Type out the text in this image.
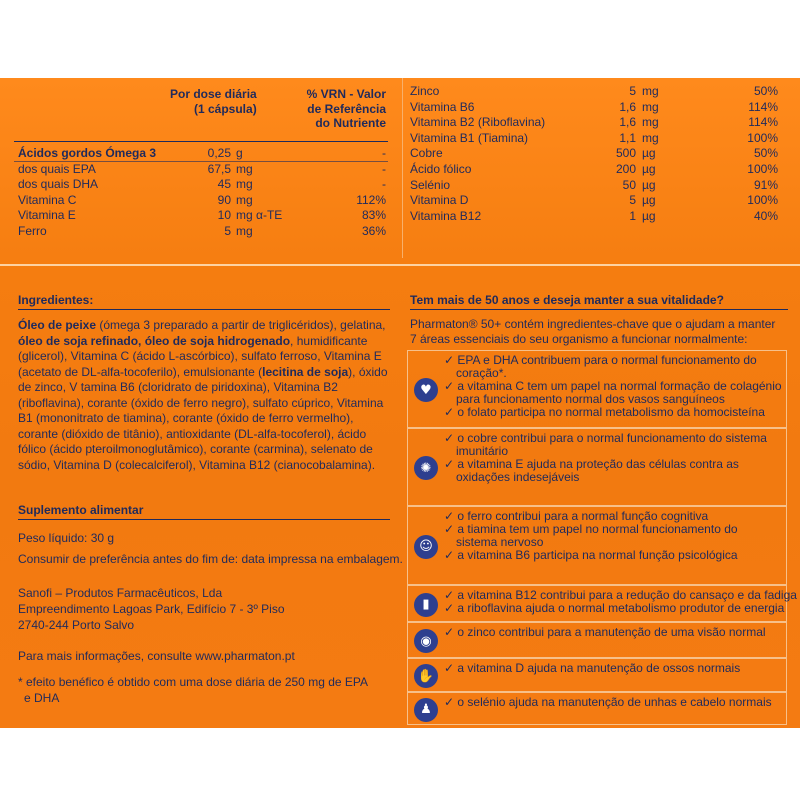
Por dose diária
(1 cápsula)
% VRN - Valor
de Referência
do Nutriente
Ácidos gordos Ómega 3	0,25 g	-
dos quais EPA	67,5 mg	-
dos quais DHA	45 mg	-
Vitamina C	90 mg	112%
Vitamina E	10 mg α-TE	83%
Ferro	5 mg	36%
Zinco	5 mg	50%
Vitamina B6	1,6 mg	114%
Vitamina B2 (Riboflavina)	1,6 mg	114%
Vitamina B1 (Tiamina)	1,1 mg	100%
Cobre	500 µg	50%
Ácido fólico	200 µg	100%
Selénio	50 µg	91%
Vitamina D	5 µg	100%
Vitamina B12	1 µg	40%
Ingredientes:

Óleo de peixe (ómega 3 preparado a partir de triglicéridos), gelatina,

óleo de soja refinado, óleo de soja hidrogenado, humidificante

(glicerol), Vitamina C (ácido L-ascórbico), sulfato ferroso, Vitamina E

(acetato de DL-alfa-tocoferilo), emulsionante (lecitina de soja), óxido

de zinco, V tamina B6 (cloridrato de piridoxina), Vitamina B2

(riboflavina), corante (óxido de ferro negro), sulfato cúprico, Vitamina

B1 (mononitrato de tiamina), corante (óxido de ferro vermelho),

corante (dióxido de titânio), antioxidante (DL-alfa-tocoferol), ácido

fólico (ácido pteroilmonoglutâmico), corante (carmina), selenato de

sódio, Vitamina D (colecalciferol), Vitamina B12 (cianocobalamina).

Suplemento alimentar
Peso líquido: 30 g
Consumir de preferência antes do fim de: data impressa na embalagem.
Sanofi – Produtos Farmacêuticos, Lda
Empreendimento Lagoas Park, Edifício 7 - 3º Piso
2740-244 Porto Salvo
Para mais informações, consulte www.pharmaton.pt
* efeito benéfico é obtido com uma dose diária de 250 mg de EPA
e DHA
Tem mais de 50 anos e deseja manter a sua vitalidade?
Pharmaton® 50+ contém ingredientes-chave que o ajudam a manter
7 áreas essenciais do seu organismo a funcionar normalmente:
♥
✓ EPA e DHA contribuem para o normal funcionamento do
coração*.
✓ a vitamina C tem um papel na normal formação de colagénio
para funcionamento normal dos vasos sanguíneos
✓ o folato participa no normal metabolismo da homocisteína
✺
✓ o cobre contribui para o normal funcionamento do sistema
imunitário
✓ a vitamina E ajuda na proteção das células contra as
oxidações indesejáveis
☺
✓ o ferro contribui para a normal função cognitiva
✓ a tiamina tem um papel no normal funcionamento do
sistema nervoso
✓ a vitamina B6 participa na normal função psicológica
▮
✓ a vitamina B12 contribui para a redução do cansaço e da fadiga
✓ a riboflavina ajuda o normal metabolismo produtor de energia
◉
✓ o zinco contribui para a manutenção de uma visão normal
✋
✓ a vitamina D ajuda na manutenção de ossos normais
♟	✓ o selénio ajuda na manutenção de unhas e cabelo normais
